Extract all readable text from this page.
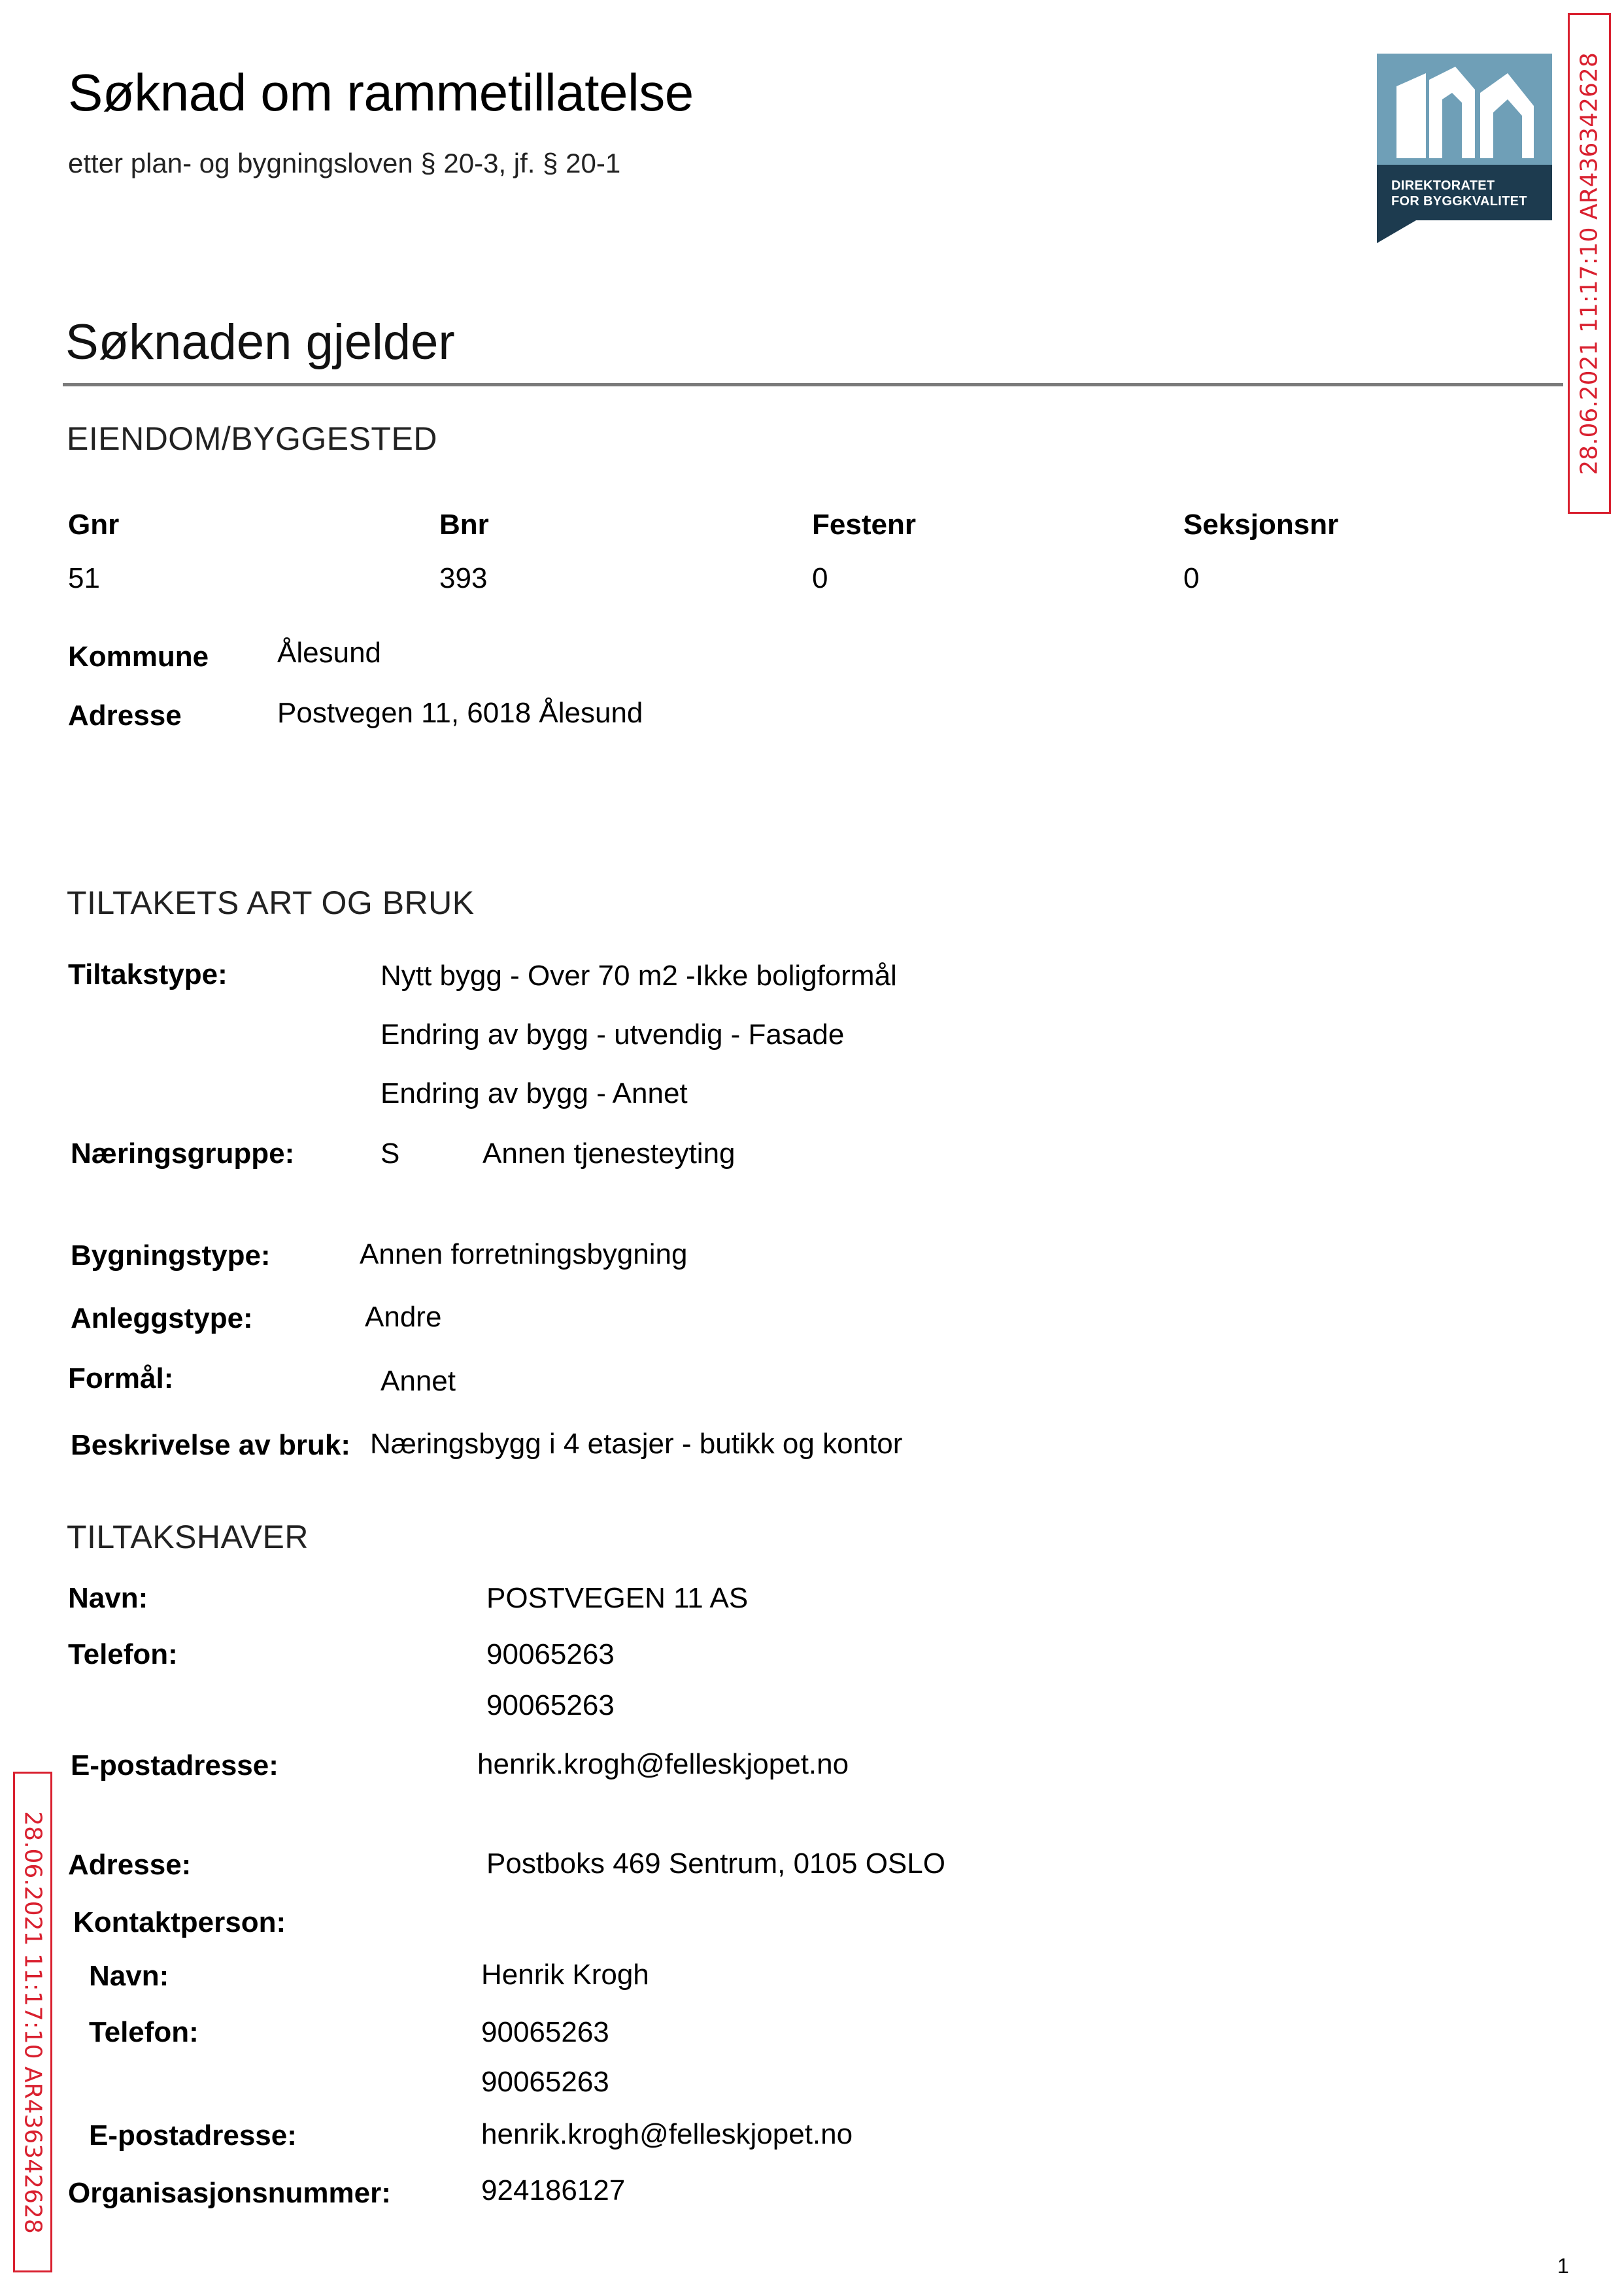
Søknad om rammetillatelse
etter plan- og bygningsloven § 20-3, jf. § 20-1
DIREKTORATET
FOR BYGGKVALITET 28.06.2021 11:17:10 AR436342628
28.06.2021 11:17:10 AR436342628
Søknaden gjelder
EIENDOM/BYGGESTED
Gnr	Bnr	Festenr	Seksjonsnr
51	393	0	0
Kommune Ålesund
Adresse	Postvegen 11, 6018 Ålesund
TILTAKETS ART OG BRUK
Tiltakstype:	Nytt bygg - Over 70 m2 -Ikke boligformål
Endring av bygg - utvendig - Fasade
Endring av bygg - Annet
Næringsgruppe:	S	Annen tjenesteyting
Bygningstype:	Annen forretningsbygning
Anleggstype:	Andre
Formål:	Annet
Beskrivelse av bruk: Næringsbygg i 4 etasjer - butikk og kontor
TILTAKSHAVER
Navn:	POSTVEGEN 11 AS
Telefon:	90065263
90065263
E-postadresse:	henrik.krogh@felleskjopet.no
Adresse:	Postboks 469 Sentrum, 0105 OSLO
Kontaktperson:
Navn:	Henrik Krogh
Telefon:	90065263
90065263
E-postadresse:	henrik.krogh@felleskjopet.no
Organisasjonsnummer:	924186127
1
